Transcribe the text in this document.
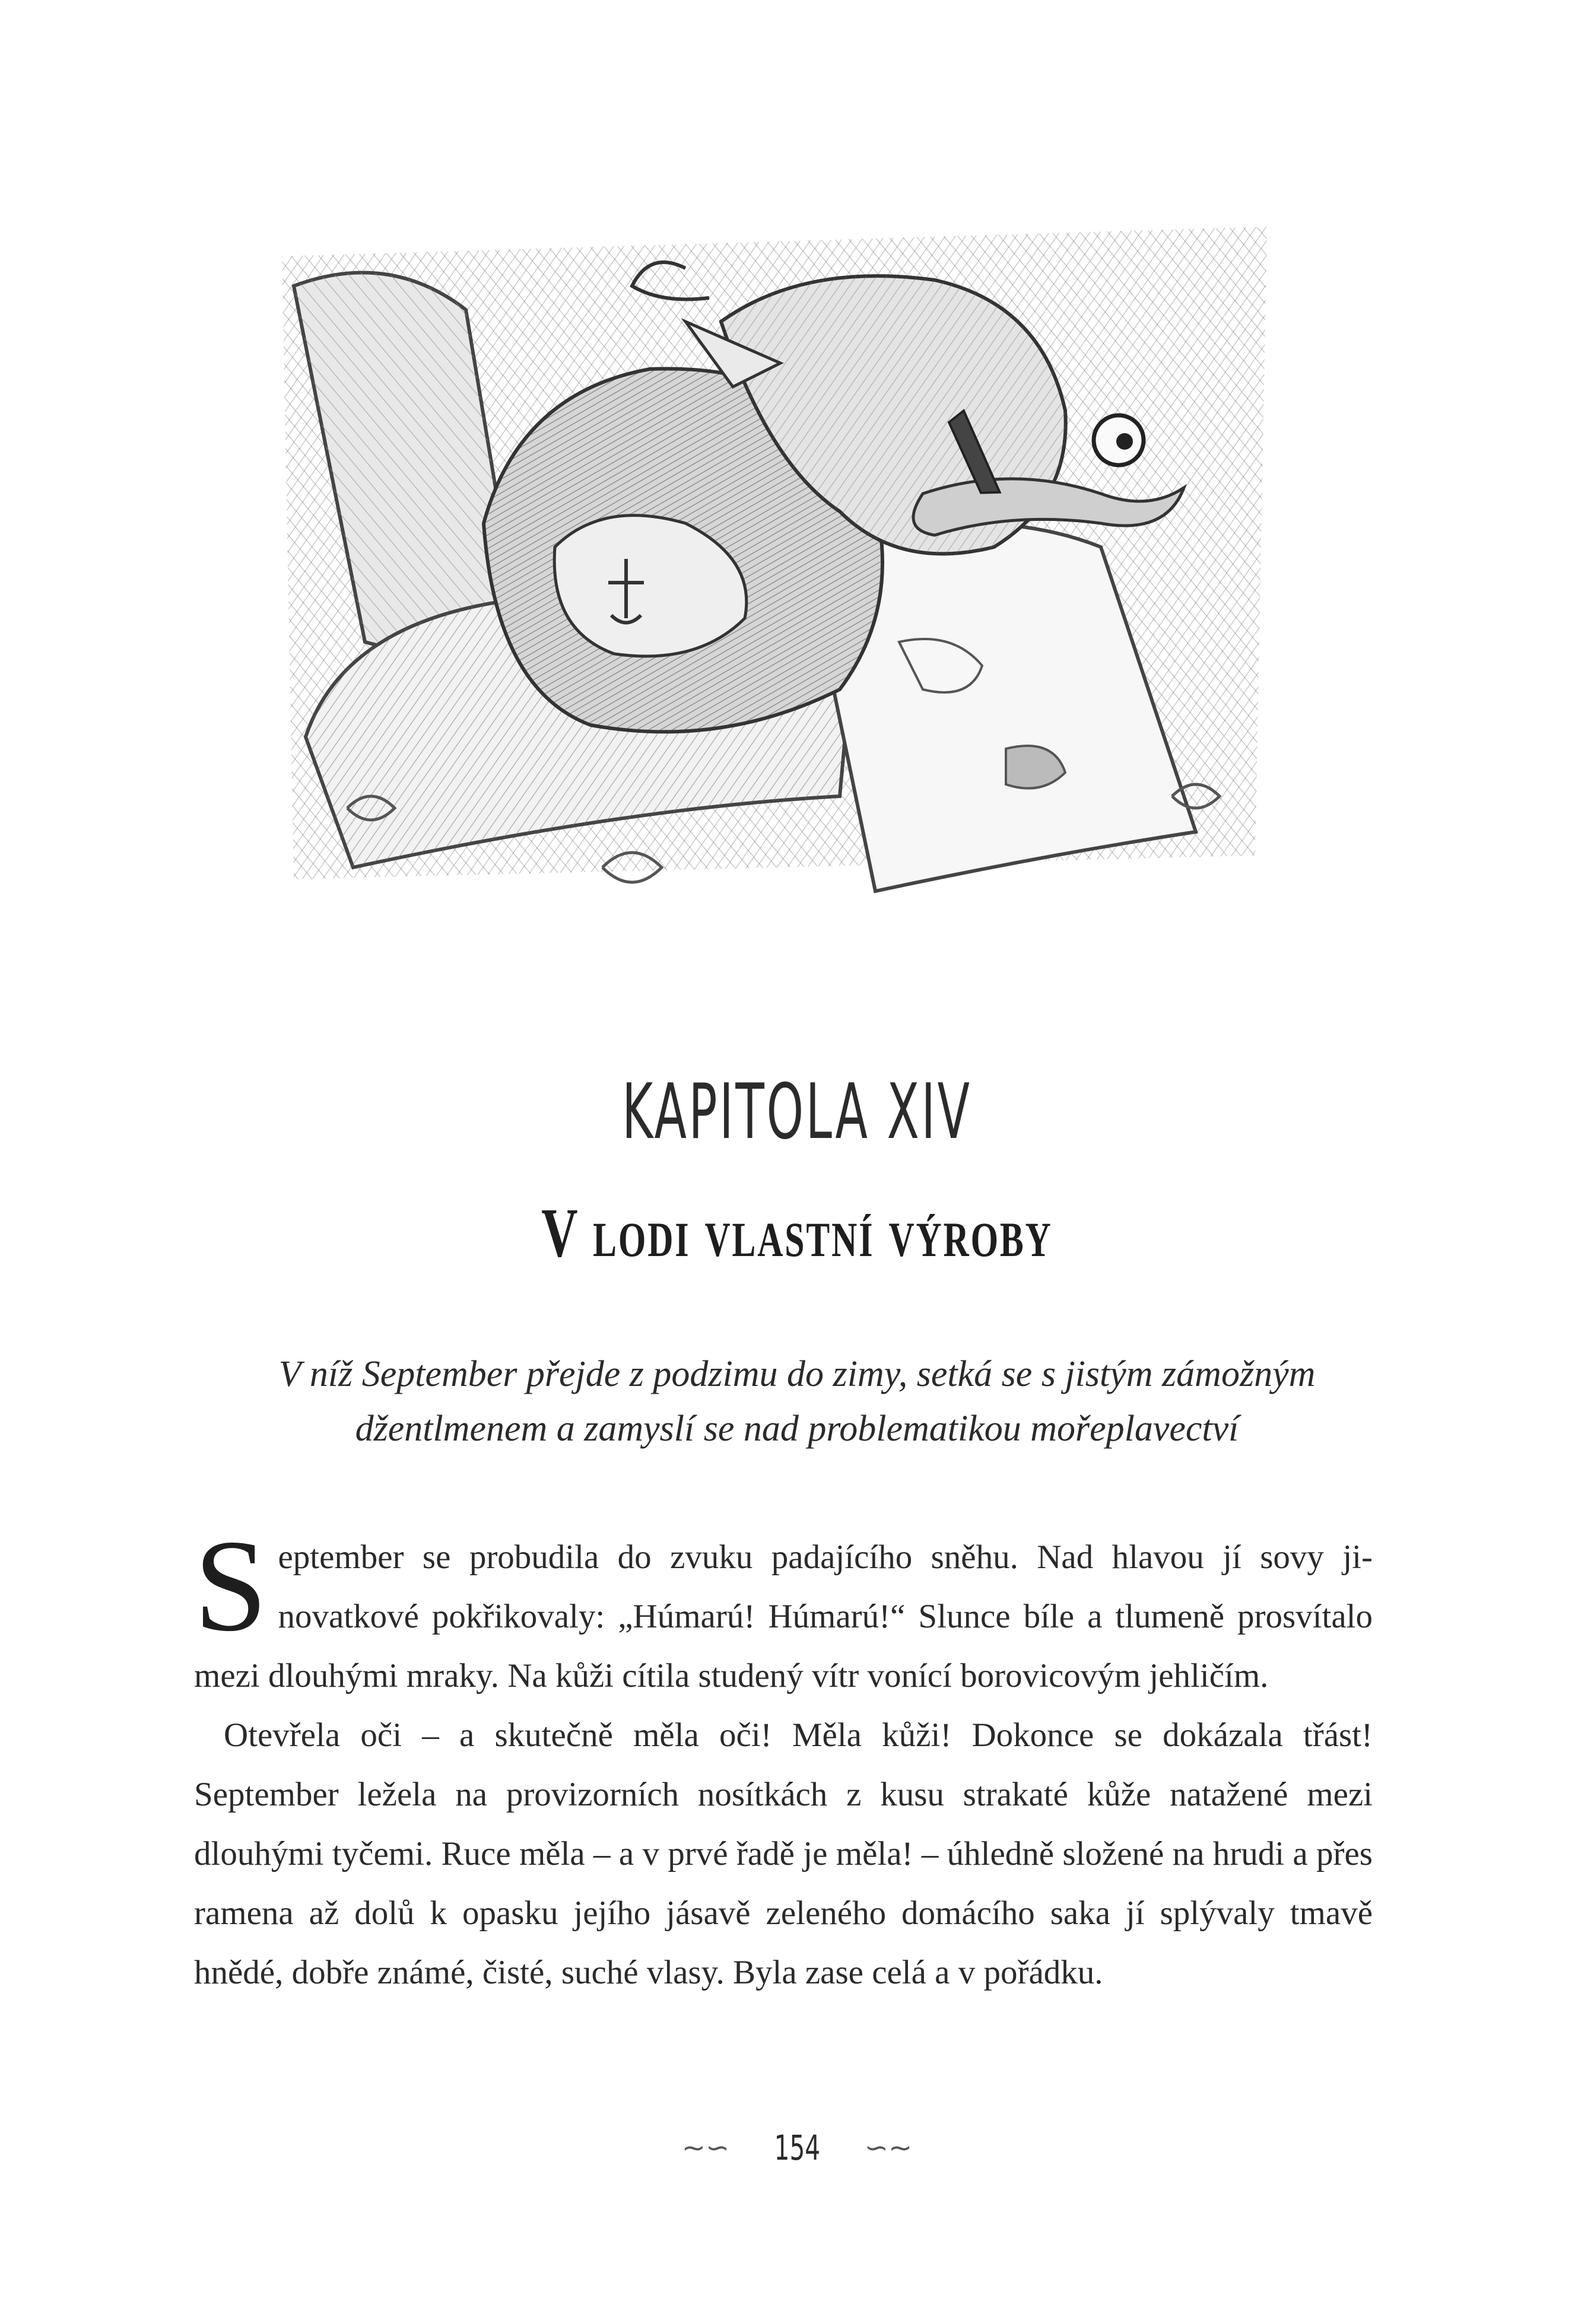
KAPITOLA XIV
V lodi vlastní výroby
V níž September přejde z podzimu do zimy, setká se s jistým zámožným
džentlmenem a zamyslí se nad problematikou mořeplavectví

September se probudila do zvuku padajícího sněhu. Nad hlavou jí sovy jinovatkové pokřikovaly: „Húmarú! Húmarú!“ Slunce bíle a tlumeně prosvítalo mezi dlouhými mraky. Na kůži cítila studený vítr vonící borovicovým jehličím.

Otevřela oči – a skutečně měla oči! Měla kůži! Dokonce se dokázala třást! September ležela na provizorních nosítkách z kusu strakaté kůže natažené mezi dlouhými tyčemi. Ruce měla – a v prvé řadě je měla! – úhledně složené na hrudi a přes ramena až dolů k opasku jejího jásavě zeleného domácího saka jí splývaly tmavě hnědé, dobře známé, čisté, suché vlasy. Byla zase celá a v pořádku.

~∽ 154 ∽~
